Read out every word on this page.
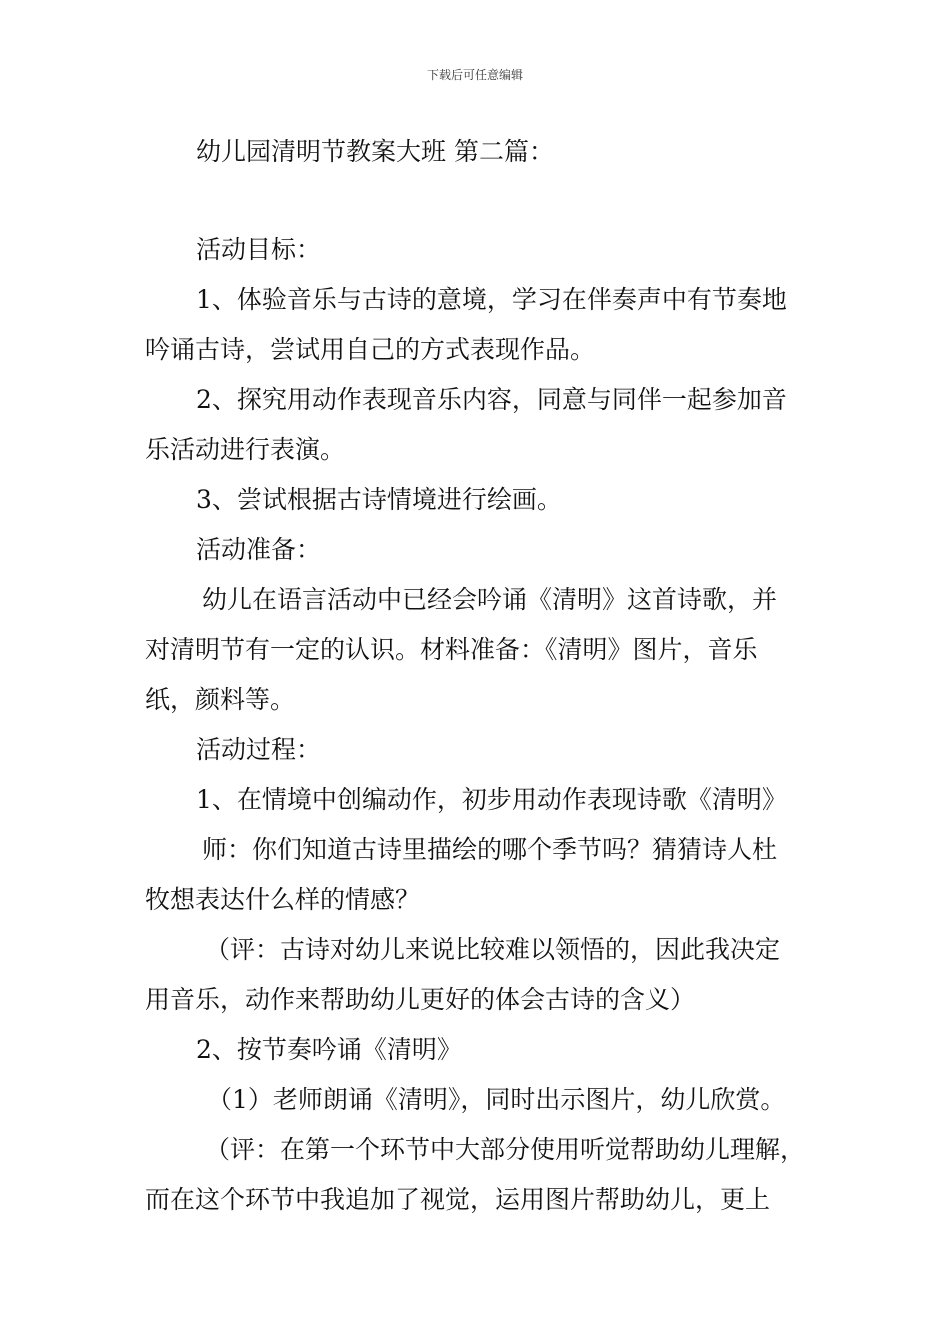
下载后可任意编辑
幼儿园清明节教案大班 第二篇：
活动目标：
1、体验音乐与古诗的意境，学习在伴奏声中有节奏地
吟诵古诗，尝试用自己的方式表现作品。
2、探究用动作表现音乐内容，同意与同伴一起参加音
乐活动进行表演。
3、尝试根据古诗情境进行绘画。
活动准备：
幼儿在语言活动中已经会吟诵《清明》这首诗歌，并
对清明节有一定的认识。材料准备：《清明》图片，音乐
纸，颜料等。
活动过程：
1、在情境中创编动作，初步用动作表现诗歌《清明》
师：你们知道古诗里描绘的哪个季节吗？猜猜诗人杜
牧想表达什么样的情感？
（评：古诗对幼儿来说比较难以领悟的，因此我决定
用音乐，动作来帮助幼儿更好的体会古诗的含义）
2、按节奏吟诵《清明》
（1）老师朗诵《清明》，同时出示图片，幼儿欣赏。
（评：在第一个环节中大部分使用听觉帮助幼儿理解，
而在这个环节中我追加了视觉，运用图片帮助幼儿，更上
